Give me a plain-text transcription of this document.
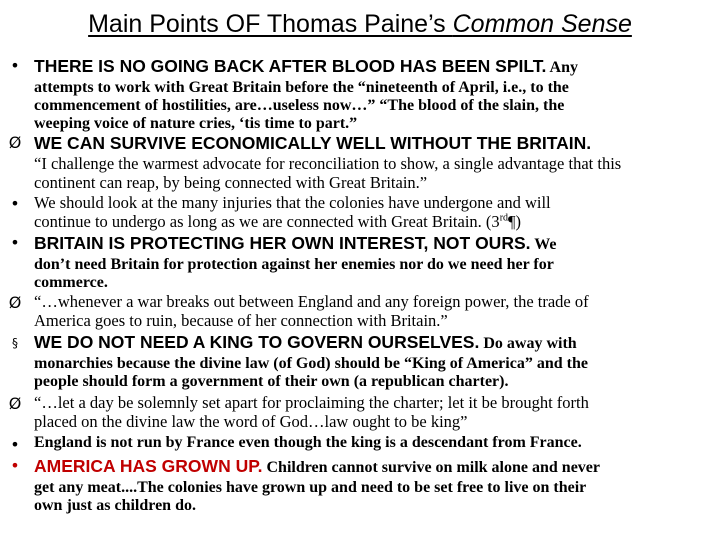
Main Points OF Thomas Paine’s Common Sense
• THERE IS NO GOING BACK AFTER BLOOD HAS BEEN SPILT. Any
attempts to work with Great Britain before the “nineteenth of April, i.e., to the
commencement of hostilities, are…useless now…” “The blood of the slain, the
weeping voice of nature cries, ‘tis time to part.”
Ø WE CAN SURVIVE ECONOMICALLY WELL WITHOUT THE BRITAIN.
“I challenge the warmest advocate for reconciliation to show, a single advantage that this
continent can reap, by being connected with Great Britain.”
• We should look at the many injuries that the colonies have undergone and will
continue to undergo as long as we are connected with Great Britain. (3rd¶)
• BRITAIN IS PROTECTING HER OWN INTEREST, NOT OURS. We
don’t need Britain for protection against her enemies nor do we need her for
commerce.
Ø “…whenever a war breaks out between England and any foreign power, the trade of
America goes to ruin, because of her connection with Britain.”
§ WE DO NOT NEED A KING TO GOVERN OURSELVES. Do away with
monarchies because the divine law (of God) should be “King of America” and the
people should form a government of their own (a republican charter).
Ø “…let a day be solemnly set apart for proclaiming the charter; let it be brought forth
placed on the divine law the word of God…law ought to be king”
• England is not run by France even though the king is a descendant from France.
• AMERICA HAS GROWN UP. Children cannot survive on milk alone and never
get any meat....The colonies have grown up and need to be set free to live on their
own just as children do.
